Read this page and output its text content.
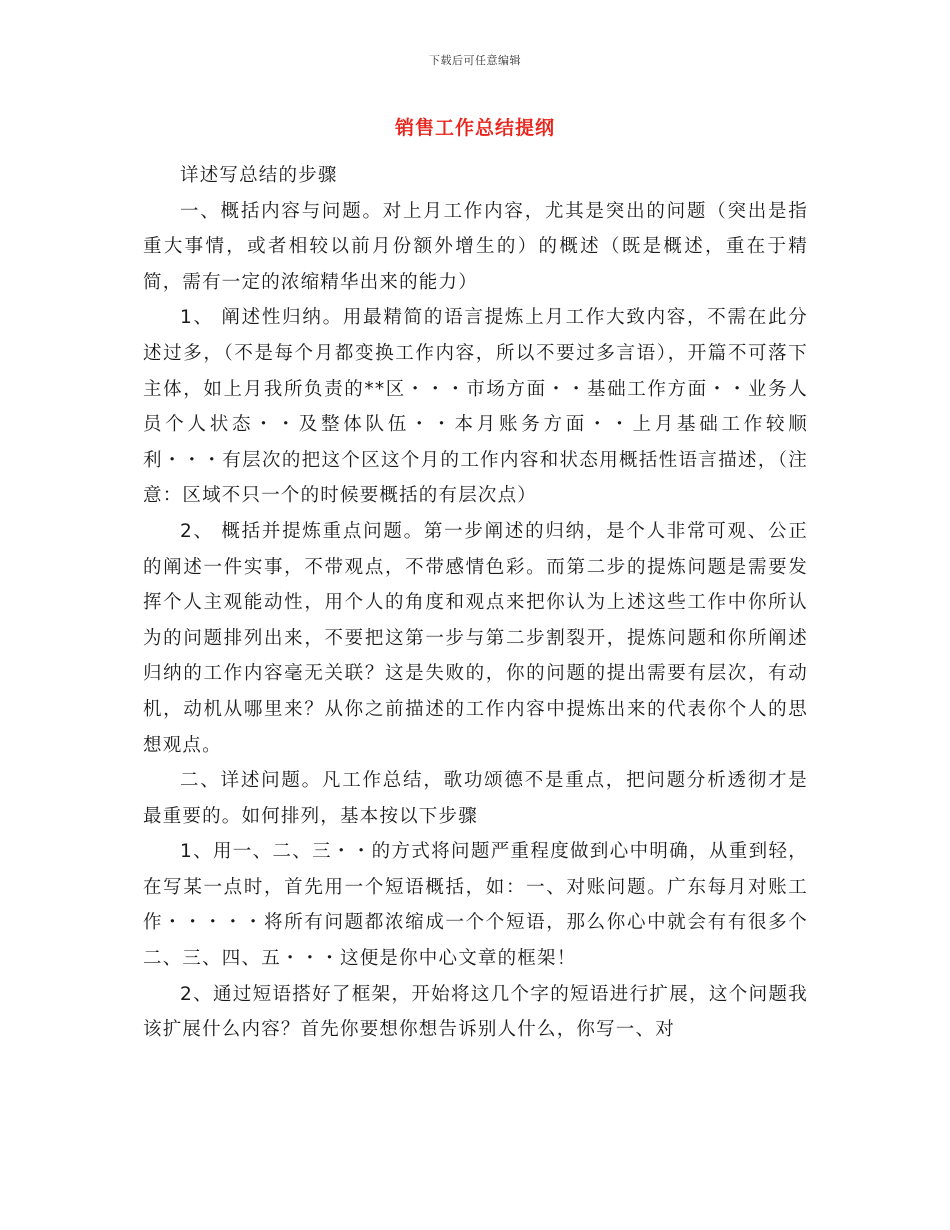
下载后可任意编辑
销售工作总结提纲

详述写总结的步骤

一、概括内容与问题。对上月工作内容，尤其是突出的问题（突出是指重大事情，或者相较以前月份额外增生的）的概述（既是概述，重在于精简，需有一定的浓缩精华出来的能力）

1、 阐述性归纳。用最精简的语言提炼上月工作大致内容，不需在此分述过多，（不是每个月都变换工作内容，所以不要过多言语），开篇不可落下主体，如上月我所负责的**区・・・市场方面・・基础工作方面・・业务人员个人状态・・及整体队伍・・本月账务方面・・上月基础工作较顺利・・・有层次的把这个区这个月的工作内容和状态用概括性语言描述，（注意：区域不只一个的时候要概括的有层次点）

2、 概括并提炼重点问题。第一步阐述的归纳，是个人非常可观、公正的阐述一件实事，不带观点，不带感情色彩。而第二步的提炼问题是需要发挥个人主观能动性，用个人的角度和观点来把你认为上述这些工作中你所认为的问题排列出来，不要把这第一步与第二步割裂开，提炼问题和你所阐述归纳的工作内容毫无关联？这是失败的，你的问题的提出需要有层次，有动机，动机从哪里来？从你之前描述的工作内容中提炼出来的代表你个人的思想观点。

二、详述问题。凡工作总结，歌功颂德不是重点，把问题分析透彻才是最重要的。如何排列，基本按以下步骤

1、用一、二、三・・的方式将问题严重程度做到心中明确，从重到轻，在写某一点时，首先用一个短语概括，如：一、对账问题。广东每月对账工作・・・・・将所有问题都浓缩成一个个短语，那么你心中就会有有很多个二、三、四、五・・・这便是你中心文章的框架！

2、通过短语搭好了框架，开始将这几个字的短语进行扩展，这个问题我该扩展什么内容？首先你要想你想告诉别人什么，你写一、对
